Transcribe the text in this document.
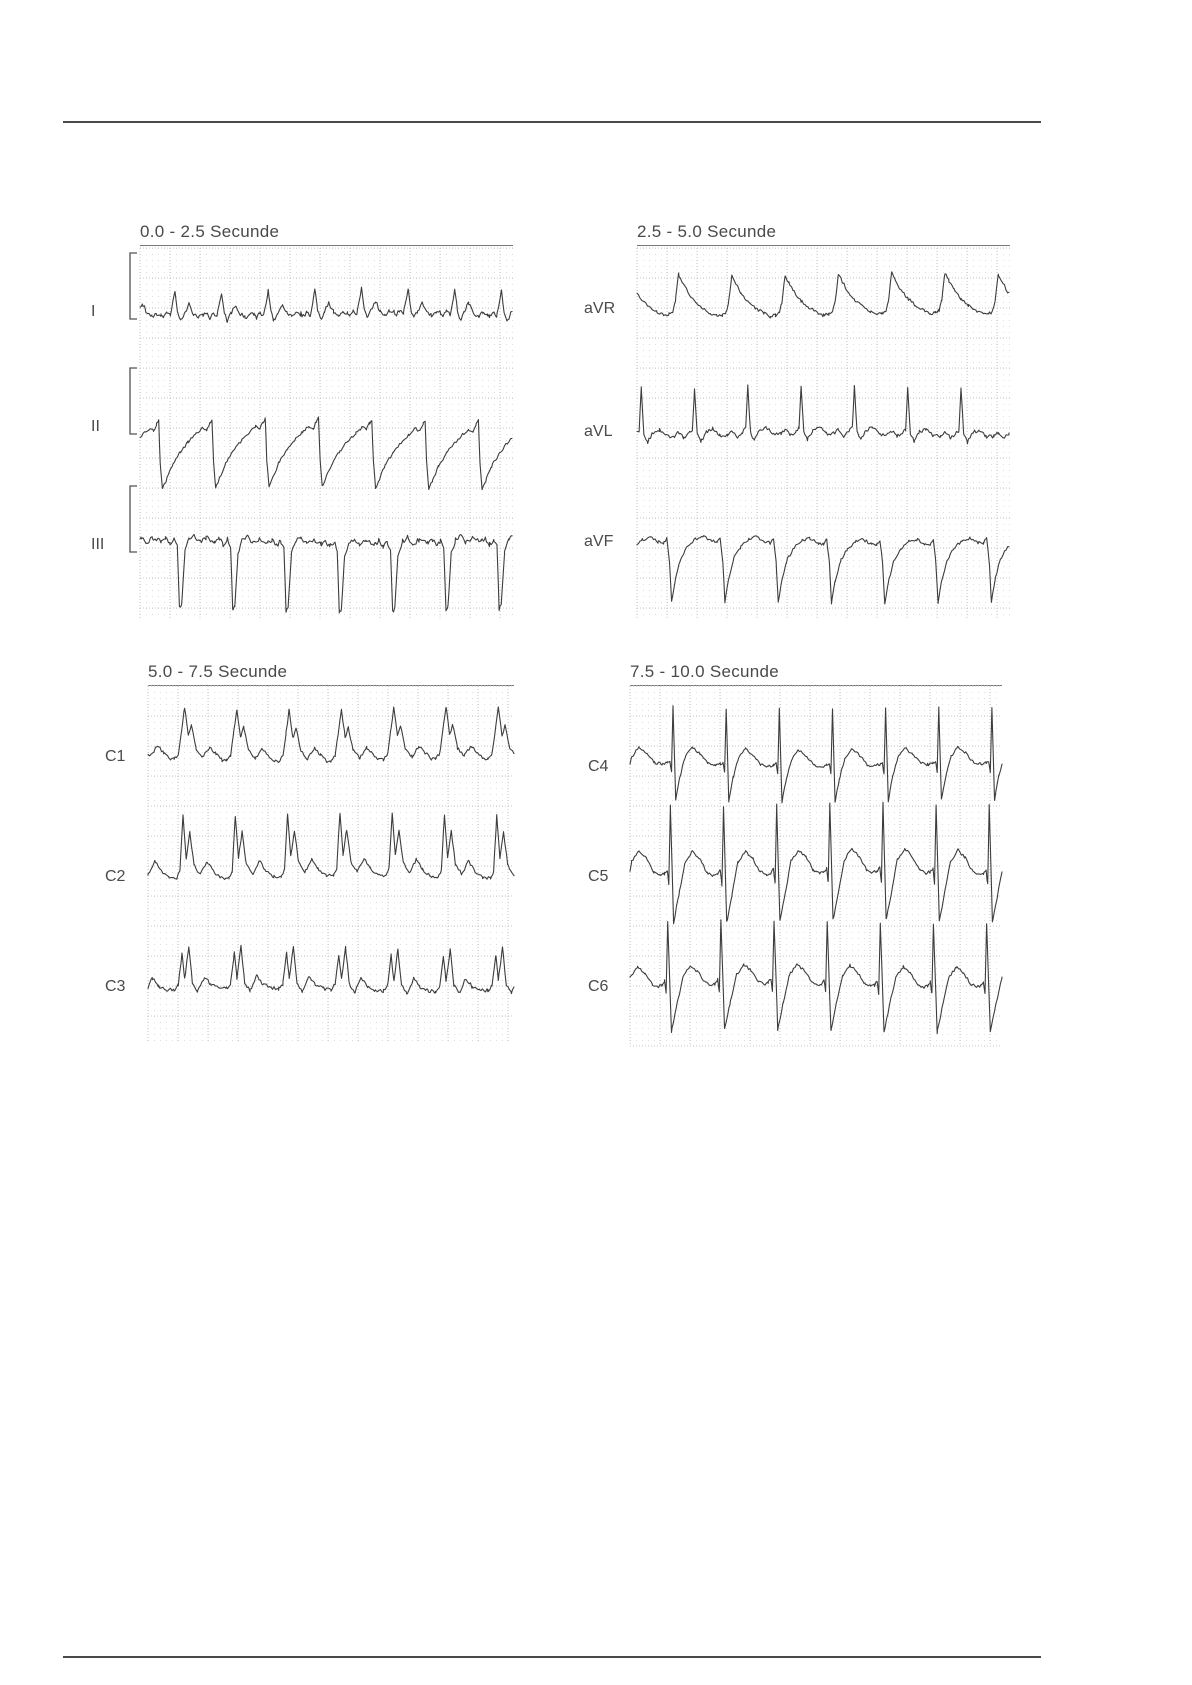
0.0 - 2.5 Secunde
I
II
III
2.5 - 5.0 Secunde
aVR
aVL
aVF
5.0 - 7.5 Secunde
C1
C2
C3
7.5 - 10.0 Secunde
C4
C5
C6
